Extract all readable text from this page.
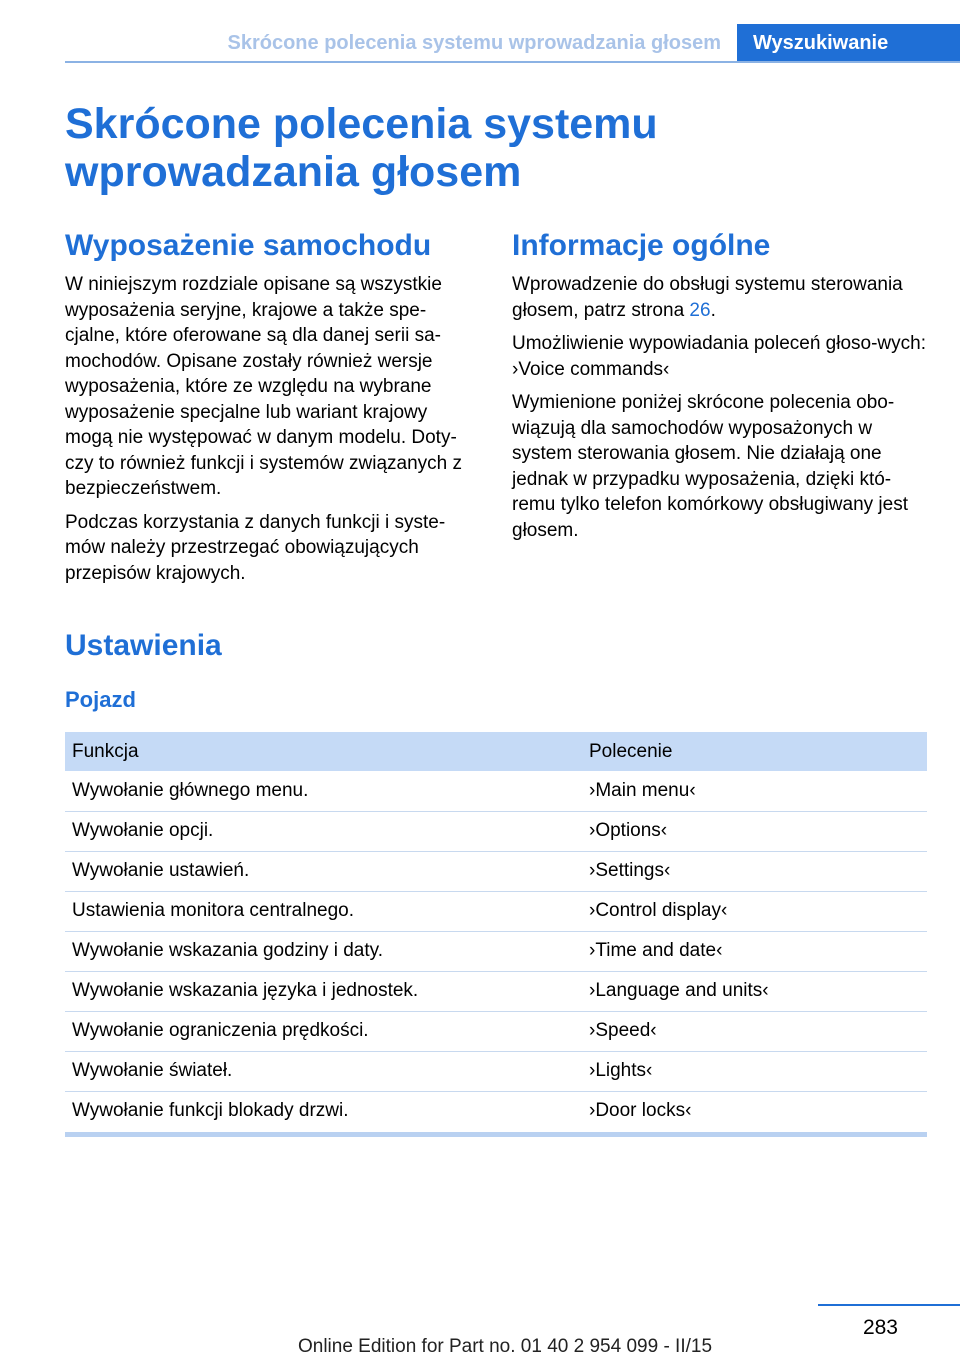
Skrócone polecenia systemu wprowadzania głosem	Wyszukiwanie
Skrócone polecenia systemu wprowadzania głosem
Wyposażenie samochodu

W niniejszym rozdziale opisane są wszystkie wyposażenia seryjne, krajowe a także spe‐cjalne, które oferowane są dla danej serii sa‐mochodów. Opisane zostały również wersje wyposażenia, które ze względu na wybrane wyposażenie specjalne lub wariant krajowy mogą nie występować w danym modelu. Doty‐czy to również funkcji i systemów związanych z bezpieczeństwem.

Podczas korzystania z danych funkcji i syste‐mów należy przestrzegać obowiązujących przepisów krajowych.

Informacje ogólne

Wprowadzenie do obsługi systemu sterowania głosem, patrz strona 26.

Umożliwienie wypowiadania poleceń głoso‐wych: ›Voice commands‹

Wymienione poniżej skrócone polecenia obo‐wiązują dla samochodów wyposażonych w system sterowania głosem. Nie działają one jednak w przypadku wyposażenia, dzięki któ‐remu tylko telefon komórkowy obsługiwany jest głosem.

Ustawienia
Pojazd
Funkcja	Polecenie
Wywołanie głównego menu.	›Main menu‹
Wywołanie opcji.	›Options‹
Wywołanie ustawień.	›Settings‹
Ustawienia monitora centralnego.	›Control display‹
Wywołanie wskazania godziny i daty.	›Time and date‹
Wywołanie wskazania języka i jednostek.	›Language and units‹
Wywołanie ograniczenia prędkości.	›Speed‹
Wywołanie świateł.	›Lights‹
Wywołanie funkcji blokady drzwi.	›Door locks‹
283
Online Edition for Part no. 01 40 2 954 099 - II/15
